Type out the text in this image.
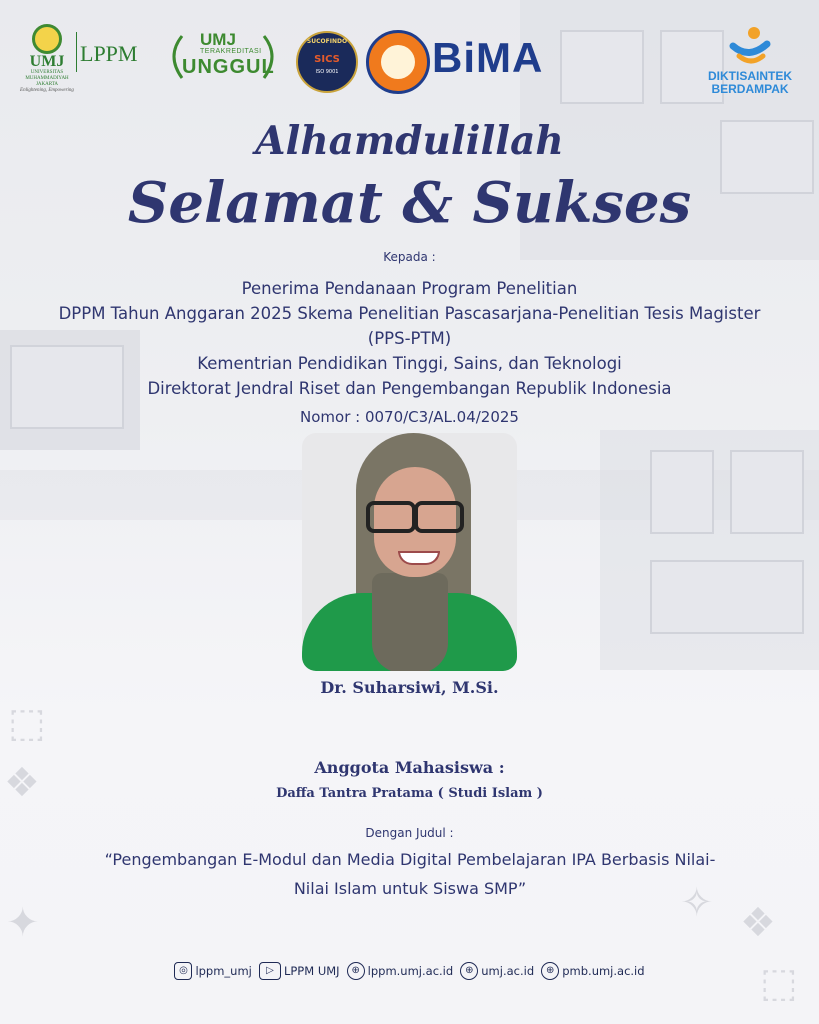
⬚
❖
✦	✧ ❖
⬚
UMJ
UNIVERSITAS MUHAMMADIYAH JAKARTA
Enlightening, Empowering
LPPM
UMJ
TERAKREDITASI
UNGGUL
SUCOFINDO
SICS
ISO 9001	BiMA	DIKTISAINTEK
BERDAMPAK
Alhamdulillah
Selamat & Sukses
Kepada :
Penerima Pendanaan Program Penelitian
DPPM Tahun Anggaran 2025 Skema Penelitian Pascasarjana-Penelitian Tesis Magister
(PPS-PTM)
Kementrian Pendidikan Tinggi, Sains, dan Teknologi
Direktorat Jendral Riset dan Pengembangan Republik Indonesia
Nomor : 0070/C3/AL.04/2025
Dr. Suharsiwi, M.Si.
Anggota Mahasiswa :
Daffa Tantra Pratama ( Studi Islam )
Dengan Judul :
“Pengembangan E-Modul dan Media Digital Pembelajaran IPA Berbasis Nilai-
Nilai Islam untuk Siswa SMP”
◎ lppm_umj
	▷ LPPM UMJ
	⊕ lppm.umj.ac.id
	⊕ umj.ac.id
	⊕ pmb.umj.ac.id
